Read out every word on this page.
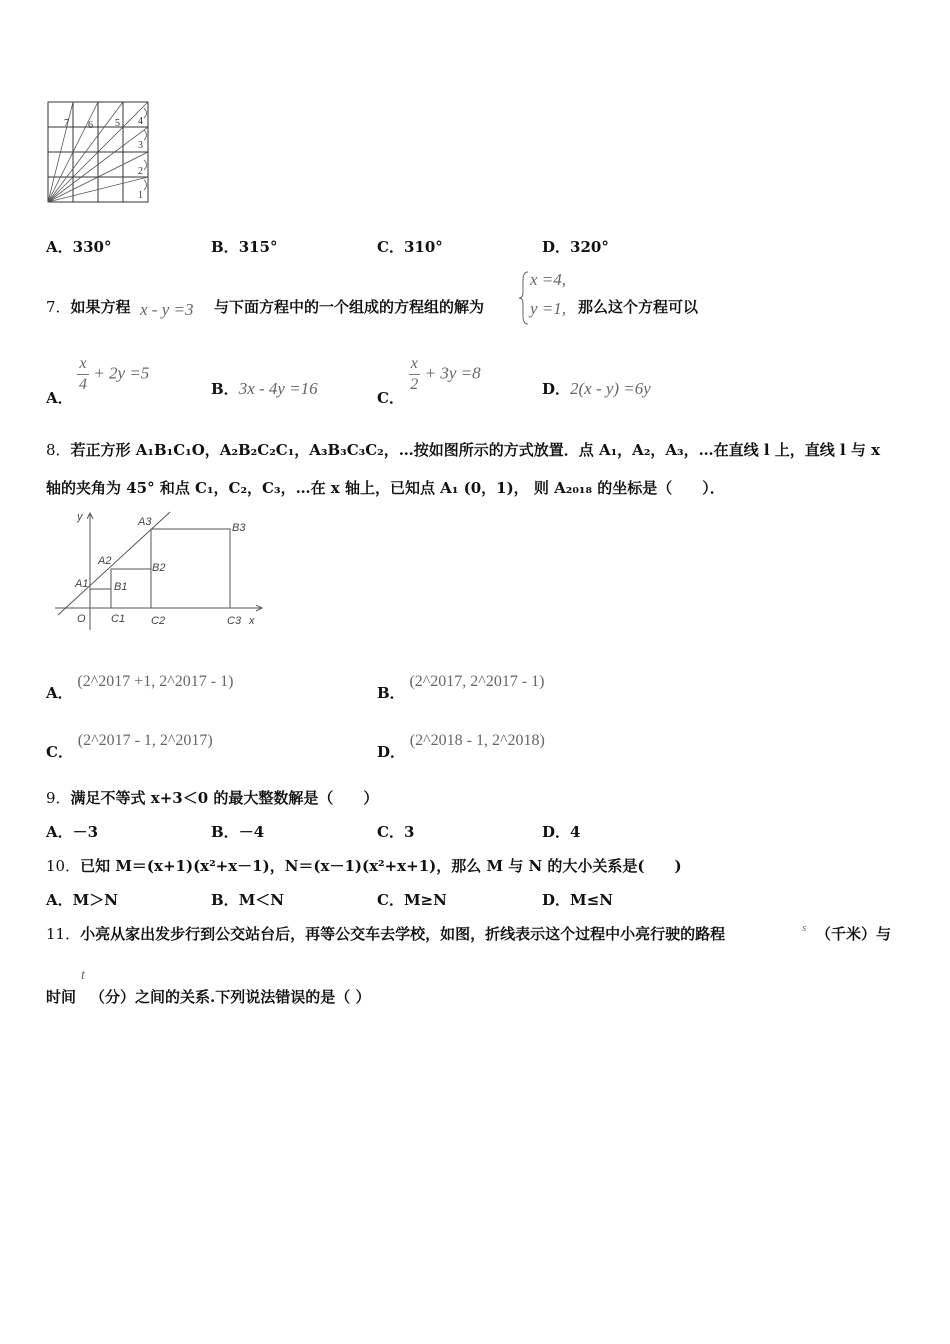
7 6 5 4
3
2
1
A．330°	B．315°	C．310°	D．320°
7．如果方程 x - y =3 与下面方程中的一个组成的方程组的解为
x =4,
y =1, 那么这个方程可以
A．
$\frac{x}{4} + 2y =5$
B．3x - 4y =16	C．
$\frac{x}{2} + 3y =8$
D．2(x - y) =6y
8．若正方形 A₁B₁C₁O，A₂B₂C₂C₁，A₃B₃C₃C₂，…按如图所示的方式放置．点 A₁，A₂，A₃，…在直线 l 上，直线 l 与 x
轴的夹角为 45° 和点 C₁，C₂，C₃，…在 x 轴上，已知点 A₁ (0，1)， 则 A₂₀₁₈ 的坐标是（　　）．
y
x
O
A1
A2
A3
B1
B2
B3
C1 C2	C3
A． (2^2017 +1, 2^2017 - 1)
B． (2^2017, 2^2017 - 1)
C． (2^2017 - 1, 2^2017)
D． (2^2018 - 1, 2^2018)
9．满足不等式 x+3＜0 的最大整数解是（　　）
A．－3	B．－4	C．3	D．4
10．已知 M＝(x+1)(x²+x－1)，N＝(x－1)(x²+x+1)，那么 M 与 N 的大小关系是(　　)
A．M＞N	B．M＜N	C．M≥N	D．M≤N
11．小亮从家出发步行到公交站台后，再等公交车去学校，如图，折线表示这个过程中小亮行驶的路程	s （千米）与
t
时间 （分）之间的关系.下列说法错误的是（ ）
